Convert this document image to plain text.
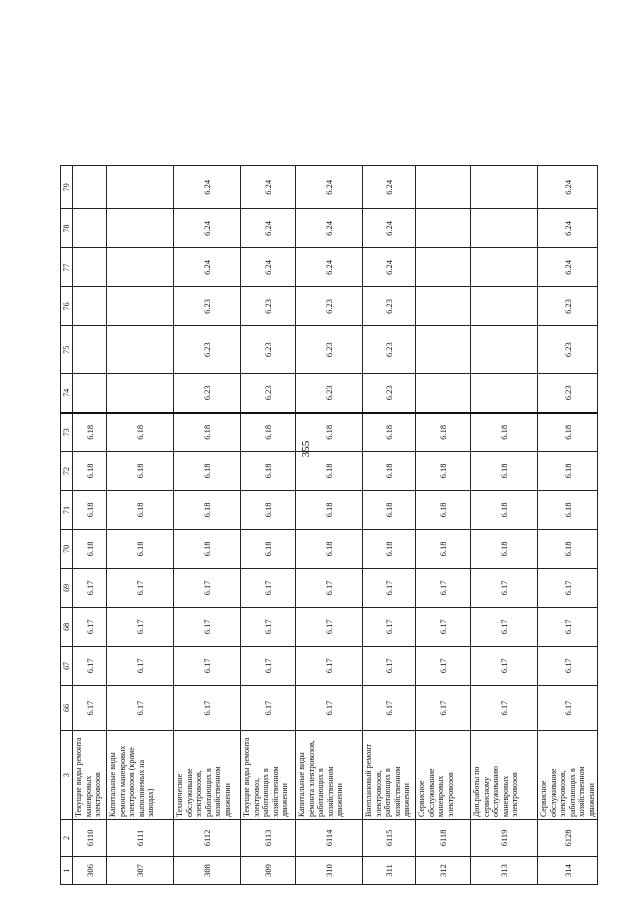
355
1	2	3	66	67	68	69	70	71	72	73	74	75	76	77	78	79
306	6110	Текущие виды ремонта маневровых электровозов	6.17	6.17	6.17	6.17	6.18	6.18	6.18	6.18						
307	6111	Капитальные виды ремонта маневровых электровозов (кроме выполняемых на заводах)	6.17	6.17	6.17	6.17	6.18	6.18	6.18	6.18						
308	6112	Техническое обслуживание электровозов, работающих в хозяйственном движении	6.17	6.17	6.17	6.17	6.18	6.18	6.18	6.18	6.23	6.23	6.23	6.24	6.24	6.24
309	6113	Текущие виды ремонта электровоз, работающих в хозяйственном движении	6.17	6.17	6.17	6.17	6.18	6.18	6.18	6.18	6.23	6.23	6.23	6.24	6.24	6.24
310	6114	Капитальные виды ремонта электровозов, работающих в хозяйственном движении	6.17	6.17	6.17	6.17	6.18	6.18	6.18	6.18	6.23	6.23	6.23	6.24	6.24	6.24
311	6115	Внеплановый ремонт электровозов, работающих в хозяйственном движении	6.17	6.17	6.17	6.17	6.18	6.18	6.18	6.18	6.23	6.23	6.23	6.24	6.24	6.24
312	6118	Сервисное обслуживание маневровых электровозов	6.17	6.17	6.17	6.17	6.18	6.18	6.18	6.18						
313	6119	Доп.работы по сервисному обслуживанию маневровых электровозов	6.17	6.17	6.17	6.17	6.18	6.18	6.18	6.18						
314	6128	Сервисное обслуживание электровозов, работающих в хозяйственном движении	6.17	6.17	6.17	6.17	6.18	6.18	6.18	6.18	6.23	6.23	6.23	6.24	6.24	6.24
